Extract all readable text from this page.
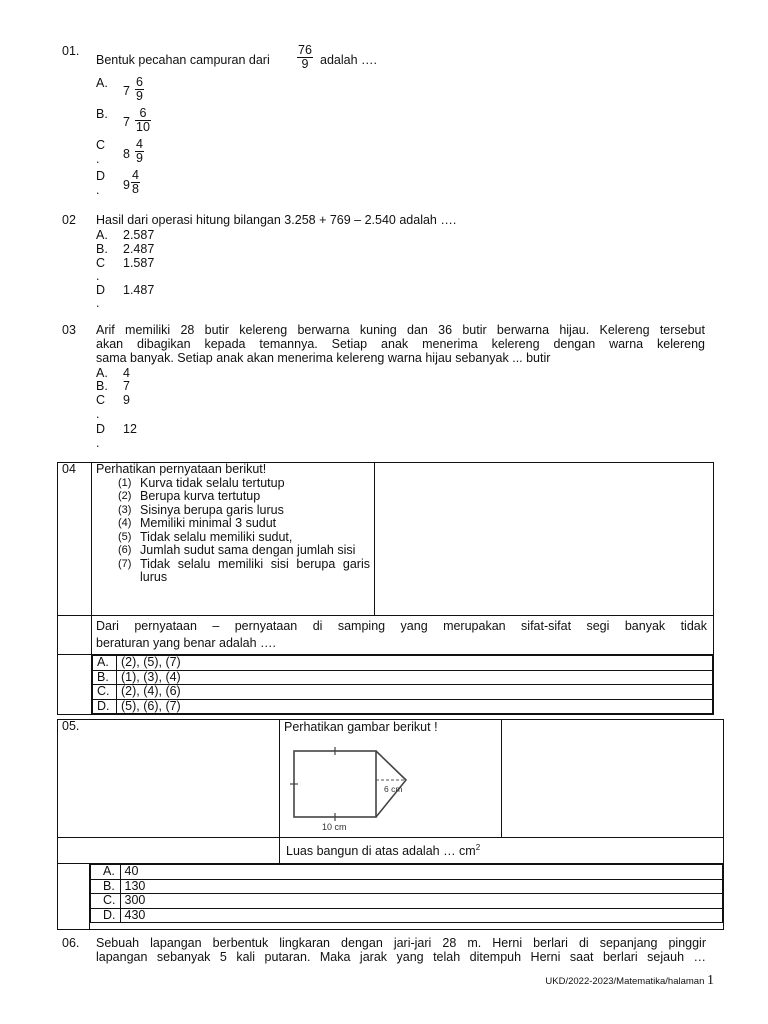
01.
Bentuk pecahan campuran dari $\frac{76}{9}$ adalah ….
A.
$7 \frac{6}{9}$
B.
$7 \frac{6}{10}$
C
. $8 \frac{4}{9}$
D
. $9 \frac{4}{8}$
02 Hasil dari operasi hitung bilangan 3.258 + 769 – 2.540 adalah ….
A. 2.587
B. 2.487
C 1.587
.
D 1.487
.
03 Arif memiliki 28 butir kelereng berwarna kuning dan 36 butir berwarna hijau. Kelereng tersebut
akan dibagikan kepada temannya. Setiap anak menerima kelereng dengan warna kelereng
sama banyak. Setiap anak akan menerima kelereng warna hijau sebanyak ... butir
A. 4
B. 7
C 9
.
D 12
.
04	Perhatikan pernyataan berikut!
(1) Kurva tidak selalu tertutup
(2) Berupa kurva tertutup
(3) Sisinya berupa garis lurus
(4) Memiliki minimal 3 sudut
(5) Tidak selalu memiliki sudut,
(6) Jumlah sudut sama dengan jumlah sisi
(7) Tidak selalu memiliki sisi berupa garis lurus

Dari pernyataan – pernyataan di samping yang merupakan sifat-sifat segi banyak tidak
beraturan yang benar adalah ….

A.	(2), (5), (7)
B.	(1), (3), (4)
C.	(2), (4), (6)
D.	(5), (6), (7)
05.	Perhatikan gambar berikut !
6 cm
10 cm

	Luas bangun di atas adalah … $cm^2$

A.	40
B.	130
C.	300
D.	430
06. Sebuah lapangan berbentuk lingkaran dengan jari-jari 28 m. Herni berlari di sepanjang pinggir
lapangan sebanyak 5 kali putaran. Maka jarak yang telah ditempuh Herni saat berlari sejauh …
UKD/2022-2023/Matematika/halaman 1
